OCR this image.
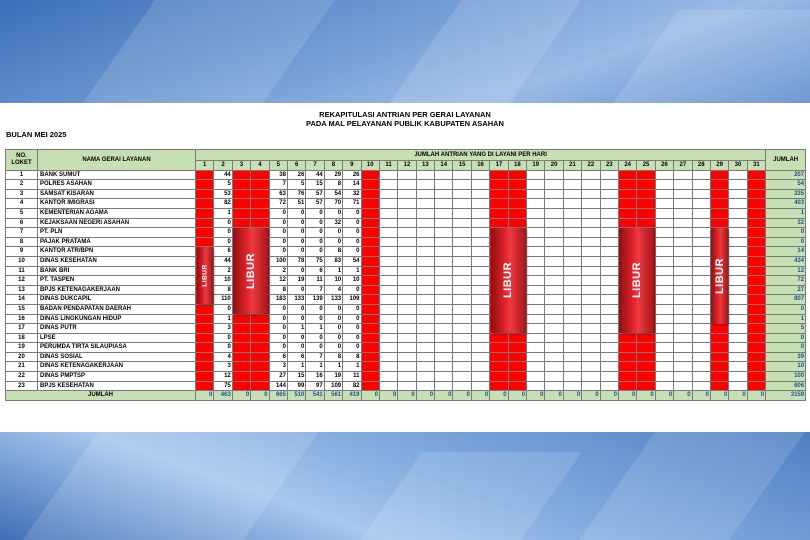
REKAPITULASI ANTRIAN PER GERAI LAYANAN
PADA MAL PELAYANAN PUBLIK KABUPATEN ASAHAN
BULAN MEI 2025
NO. LOKET	NAMA GERAI LAYANAN	JUMLAH ANTRIAN YANG DI LAYANI PER HARI																															JUMLAH
		1	2	3	4	5	6	7	8	9	10	11	12	13	14	15	16	17	18	19	20	21	22	23	24	25	26	27	28	29	30	31	
1	BANK SUMUT		44			38	26	44	29	26																							207
2	POLRES ASAHAN		5			7	5	15	8	14																							54
3	SAMSAT KISARAN		53			63	76	57	54	32																							335
4	KANTOR IMIGRASI		82			72	51	57	70	71																							403
5	KEMENTERIAN AGAMA		1			0	0	0	0	0																							1
6	KEJAKSAAN NEGERI ASAHAN		0			0	0	0	32	0																							32
7	PT. PLN		0			0	0	0	0	0																							0
8	PAJAK PRATAMA		0			0	0	0	0	0																							0
9	KANTOR ATR/BPN		6			0	0	0	8	0																							14
10	DINAS KESEHATAN		44			100	78	75	83	54																							434
11	BANK BRI		2			2	0	6	1	1																							12
12	PT. TASPEN		10			12	19	11	10	10																							72
13	BPJS KETENAGAKERJAAN		8			8	0	7	4	0																							27
14	DINAS DUKCAPIL		110			183	133	139	133	109																							807
15	BADAN PENDAPATAN DAERAH		0			0	0	0	0	0																							0
16	DINAS LINGKUNGAN HIDUP		1			0	0	0	0	0																							1
17	DINAS PUTR		3			0	1	1	0	0																							5
18	LPSE		0			0	0	0	0	0																							0
19	PERUMDA TIRTA SILAUPIASA		0			0	0	0	0	0																							0
20	DINAS SOSIAL		4			6	6	7	8	8																							39
21	DINAS KETENAGAKERJAAN		3			3	1	1	1	1																							10
22	DINAS PMPTSP		12			27	15	16	19	11																							100
23	BPJS KESEHATAN		75			144	99	97	109	82																							606
JUMLAH		0	463	0	0	665	510	541	561	419	0	0	0	0	0	0	0	0	0	0	0	0	0	0	0	0	0	0	0	0	0	0	3159
LIBUR	LIBUR	LIBUR	LIBUR	LIBUR
